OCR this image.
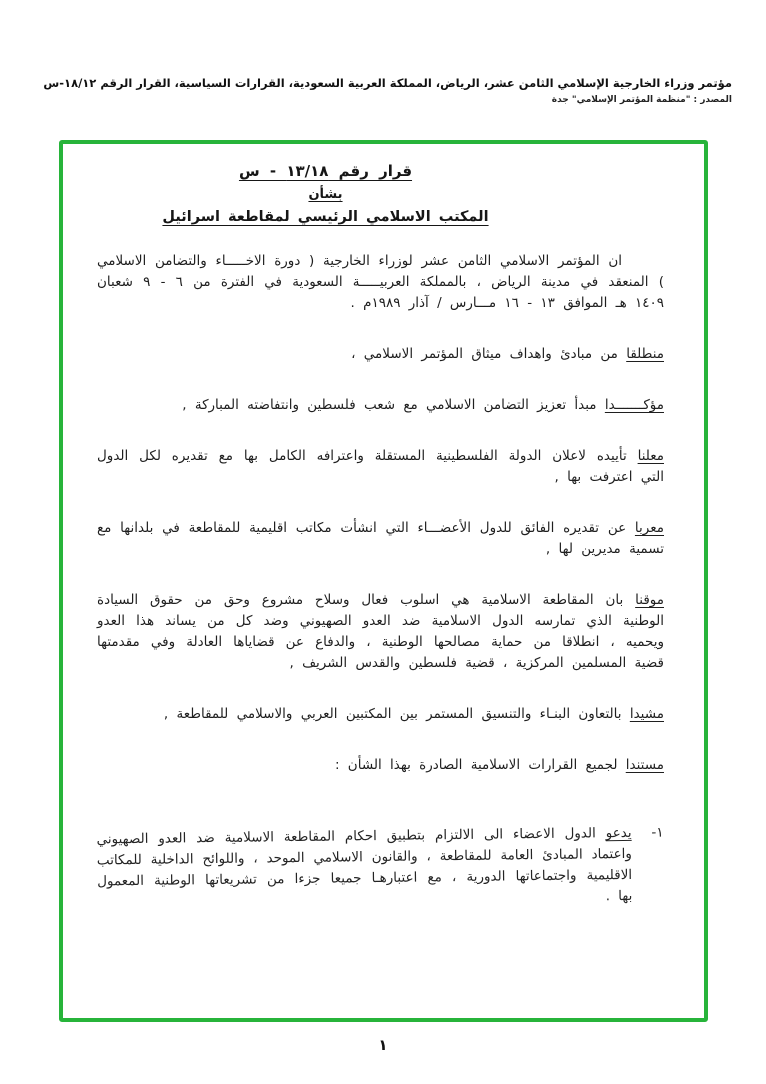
مؤتمر وزراء الخارجية الإسلامي الثامن عشر، الرياض، المملكة العربية السعودية، القرارات السياسية، القرار الرقم ١٨/١٢-س
المصدر : "منظمة المؤتمر الإسلامي" جدة
قرار رقم ١٣/١٨ - س
بشأن
المكتب الاسلامي الرئيسي لمقاطعة اسرائيل

ان المؤتمر الاسلامي الثامن عشر لوزراء الخارجية ( دورة الاخـــــاء والتضامن الاسلامي ) المنعقد في مدينة الرياض ، بالمملكة العربيـــــة السعودية في الفترة من ٦ - ٩ شعبان ١٤٠٩ هـ الموافق ١٣ - ١٦ مـــارس / آذار ١٩٨٩م .

منطلقا من مبادئ واهداف ميثاق المؤتمر الاسلامي ،

مؤكـــــــدا مبدأ تعزيز التضامن الاسلامي مع شعب فلسطين وانتفاضته المباركة ,

معلنا تأييده لاعلان الدولة الفلسطينية المستقلة واعترافه الكامل بها مع تقديره لكل الدول التي اعترفت بها ,

معربا عن تقديره الفائق للدول الأعضـــاء التي انشأت مكاتب اقليمية للمقاطعة في بلدانها مع تسمية مديرين لها ,

موقنا بان المقاطعة الاسلامية هي اسلوب فعال وسلاح مشروع وحق من حقوق السيادة الوطنية الذي تمارسه الدول الاسلامية ضد العدو الصهيوني وضد كل من يساند هذا العدو ويحميه ، انطلاقا من حماية مصالحها الوطنية ، والدفاع عن قضاياها العادلة وفي مقدمتها قضية المسلمين المركزية ، قضية فلسطين والقدس الشريف ,

مشيدا بالتعاون البنـاء والتنسيق المستمر بين المكتبين العربي والاسلامي للمقاطعة ,

مستندا لجميع القرارات الاسلامية الصادرة بهذا الشأن :

١-

يدعو الدول الاعضاء الى الالتزام بتطبيق احكام المقاطعة الاسلامية ضد العدو الصهيوني واعتماد المبادئ العامة للمقاطعة ، والقانون الاسلامي الموحد ، واللوائح الداخلية للمكاتب الاقليمية واجتماعاتها الدورية ، مع اعتبارهـا جميعا جزءا من تشريعاتها الوطنية المعمول بها .

١
